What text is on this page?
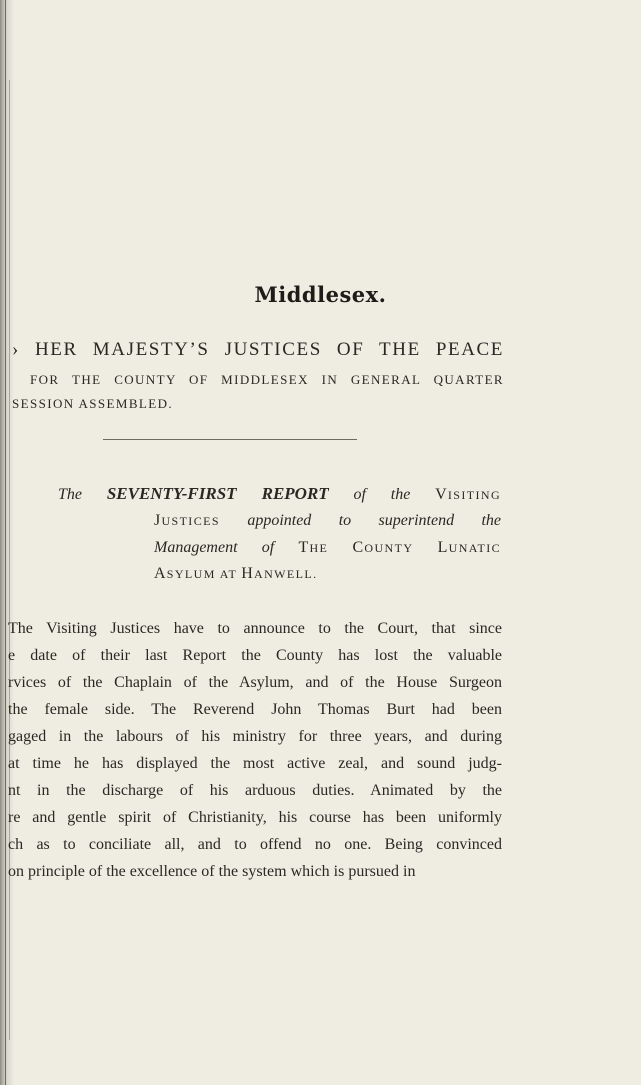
Middlesex.
› HER MAJESTY’S JUSTICES OF THE PEACE
FOR THE COUNTY OF MIDDLESEX IN GENERAL QUARTER
SESSION ASSEMBLED.
The SEVENTY-FIRST REPORT of the VISITING
JUSTICES appointed to superintend the
Management of THE COUNTY LUNATIC
ASYLUM AT HANWELL.
The Visiting Justices have to announce to the Court, that since
e date of their last Report the County has lost the valuable
rvices of the Chaplain of the Asylum, and of the House Surgeon
the female side. The Reverend John Thomas Burt had been
gaged in the labours of his ministry for three years, and during
at time he has displayed the most active zeal, and sound judg-
nt in the discharge of his arduous duties. Animated by the
re and gentle spirit of Christianity, his course has been uniformly
ch as to conciliate all, and to offend no one. Being convinced
on principle of the excellence of the system which is pursued in
